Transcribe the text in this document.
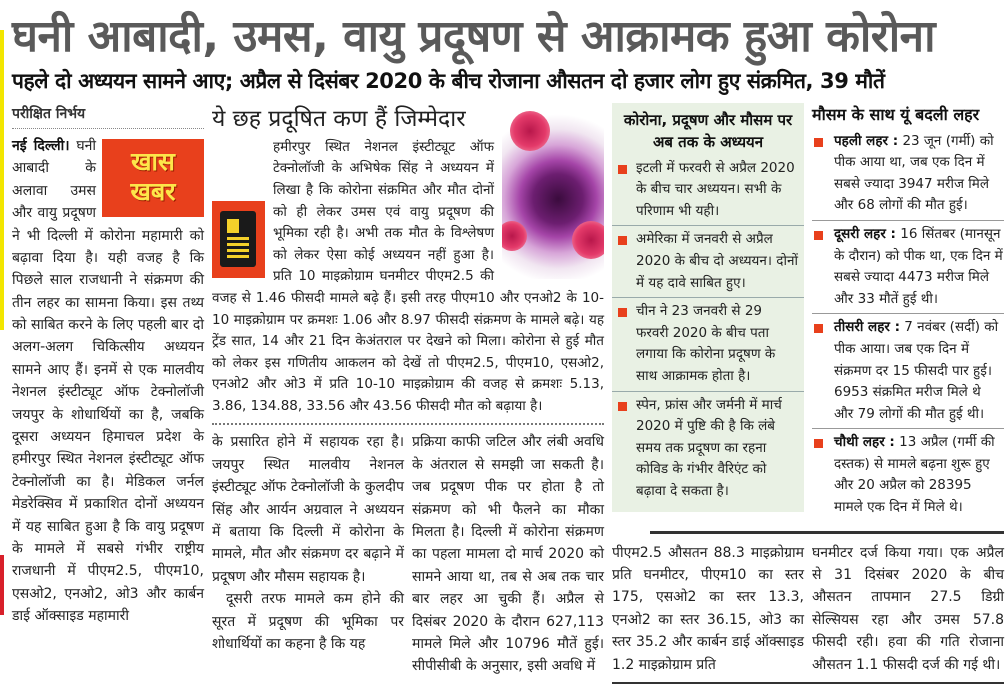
घनी आबादी, उमस, वायु प्रदूषण से आक्रामक हुआ कोरोना
पहले दो अध्ययन सामने आए; अप्रैल से दिसंबर 2020 के बीच रोजाना औसतन दो हजार लोग हुए संक्रमित, 39 मौतें
परीक्षित निर्भय
नई दिल्ली।
खास
खबर
घनी आबादी के अलावा उमस और वायु प्रदूषण ने भी दिल्ली में कोरोना महामारी को बढ़ावा दिया है। यही वजह है कि पिछले साल राजधानी ने संक्रमण की तीन लहर का सामना किया। इस तथ्य को साबित करने के लिए पहली बार दो अलग-अलग चिकित्सीय अध्ययन सामने आए हैं। इनमें से एक मालवीय नेशनल इंस्टीट्यूट ऑफ टेक्नोलॉजी जयपुर के शोधार्थियों का है, जबकि दूसरा अध्ययन हिमाचल प्रदेश के हमीरपुर स्थित नेशनल इंस्टीट्यूट ऑफ टेक्नोलॉजी का है। मेडिकल जर्नल मेडरेक्सिव में प्रकाशित दोनों अध्ययन में यह साबित हुआ है कि वायु प्रदूषण के मामले में सबसे गंभीर राष्ट्रीय राजधानी में पीएम2.5, पीएम10, एसओ2, एनओ2, ओ3 और कार्बन डाई ऑक्साइड महामारी
ये छह प्रदूषित कण हैं जिम्मेदार
हमीरपुर स्थित नेशनल इंस्टीट्यूट ऑफ टेक्नोलॉजी के अभिषेक सिंह ने अध्ययन में लिखा है कि कोरोना संक्रमित और मौत दोनों को ही लेकर उमस एवं वायु प्रदूषण की भूमिका रही है। अभी तक मौत के विश्लेषण को लेकर ऐसा कोई अध्ययन नहीं हुआ है। प्रति 10 माइक्रोग्राम घनमीटर पीएम2.5 की वजह से 1.46 फीसदी मामले बढ़े हैं। इसी तरह पीएम10 और एनओ2 के 10-10 माइक्रोग्राम पर क्रमशः 1.06 और 8.97 फीसदी संक्रमण के मामले बढ़े। यह ट्रेंड सात, 14 और 21 दिन केअंतराल पर देखने को मिला। कोरोना से हुई मौत को लेकर इस गणितीय आकलन को देखें तो पीएम2.5, पीएम10, एसओ2, एनओ2 और ओ3 में प्रति 10-10 माइक्रोग्राम की वजह से क्रमशः 5.13, 3.86, 134.88, 33.56 और 43.56 फीसदी मौत को बढ़ाया है।
के प्रसारित होने में सहायक रहा है। जयपुर स्थित मालवीय नेशनल इंस्टीट्यूट ऑफ टेक्नोलॉजी के कुलदीप सिंह और आर्यन अग्रवाल ने अध्ययन में बताया कि दिल्ली में कोरोना के मामले, मौत और संक्रमण दर बढ़ाने में प्रदूषण और मौसम सहायक है।
दूसरी तरफ मामले कम होने की सूरत में प्रदूषण की भूमिका पर शोधार्थियों का कहना है कि यह
प्रक्रिया काफी जटिल और लंबी अवधि के अंतराल से समझी जा सकती है। जब प्रदूषण पीक पर होता है तो संक्रमण को भी फैलने का मौका मिलता है। दिल्ली में कोरोना संक्रमण का पहला मामला दो मार्च 2020 को सामने आया था, तब से अब तक चार बार लहर आ चुकी हैं। अप्रैल से दिसंबर 2020 के दौरान 627,113 मामले मिले और 10796 मौतें हुई। सीपीसीबी के अनुसार, इसी अवधि में
कोरोना, प्रदूषण और मौसम पर अब तक के अध्ययन
इटली में फरवरी से अप्रैल 2020 के बीच चार अध्ययन। सभी के परिणाम भी यही।
अमेरिका में जनवरी से अप्रैल 2020 के बीच दो अध्ययन। दोनों में यह दावे साबित हुए।
चीन ने 23 जनवरी से 29 फरवरी 2020 के बीच पता लगाया कि कोरोना प्रदूषण के साथ आक्रामक होता है।
स्पेन, फ्रांस और जर्मनी में मार्च 2020 में पुष्टि की है कि लंबे समय तक प्रदूषण का रहना कोविड के गंभीर वैरिएंट को बढ़ावा दे सकता है।
मौसम के साथ यूं बदली लहर
पहली लहर : 23 जून (गर्मी) को पीक आया था, जब एक दिन में सबसे ज्यादा 3947 मरीज मिले और 68 लोगों की मौत हुई।
दूसरी लहर : 16 सिंतबर (मानसून के दौरान) को पीक था, एक दिन में सबसे ज्यादा 4473 मरीज मिले और 33 मौतें हुई थी।
तीसरी लहर : 7 नवंबर (सर्दी) को पीक आया। जब एक दिन में संक्रमण दर 15 फीसदी पार हुई। 6953 संक्रमित मरीज मिले थे और 79 लोगों की मौत हुई थी।
चौथी लहर : 13 अप्रैल (गर्मी की दस्तक) से मामले बढ़ना शुरू हुए और 20 अप्रैल को 28395 मामले एक दिन में मिले थे।
पीएम2.5 औसतन 88.3 माइक्रोग्राम प्रति घनमीटर, पीएम10 का स्तर 175, एसओ2 का स्तर 13.3, एनओ2 का स्तर 36.15, ओ3 का स्तर 35.2 और कार्बन डाई ऑक्साइड 1.2 माइक्रोग्राम प्रति
घनमीटर दर्ज किया गया। एक अप्रैल से 31 दिसंबर 2020 के बीच औसतन तापमान 27.5 डिग्री सेल्सियस रहा और उमस 57.8 फीसदी रही। हवा की गति रोजाना औसतन 1.1 फीसदी दर्ज की गई थी।
